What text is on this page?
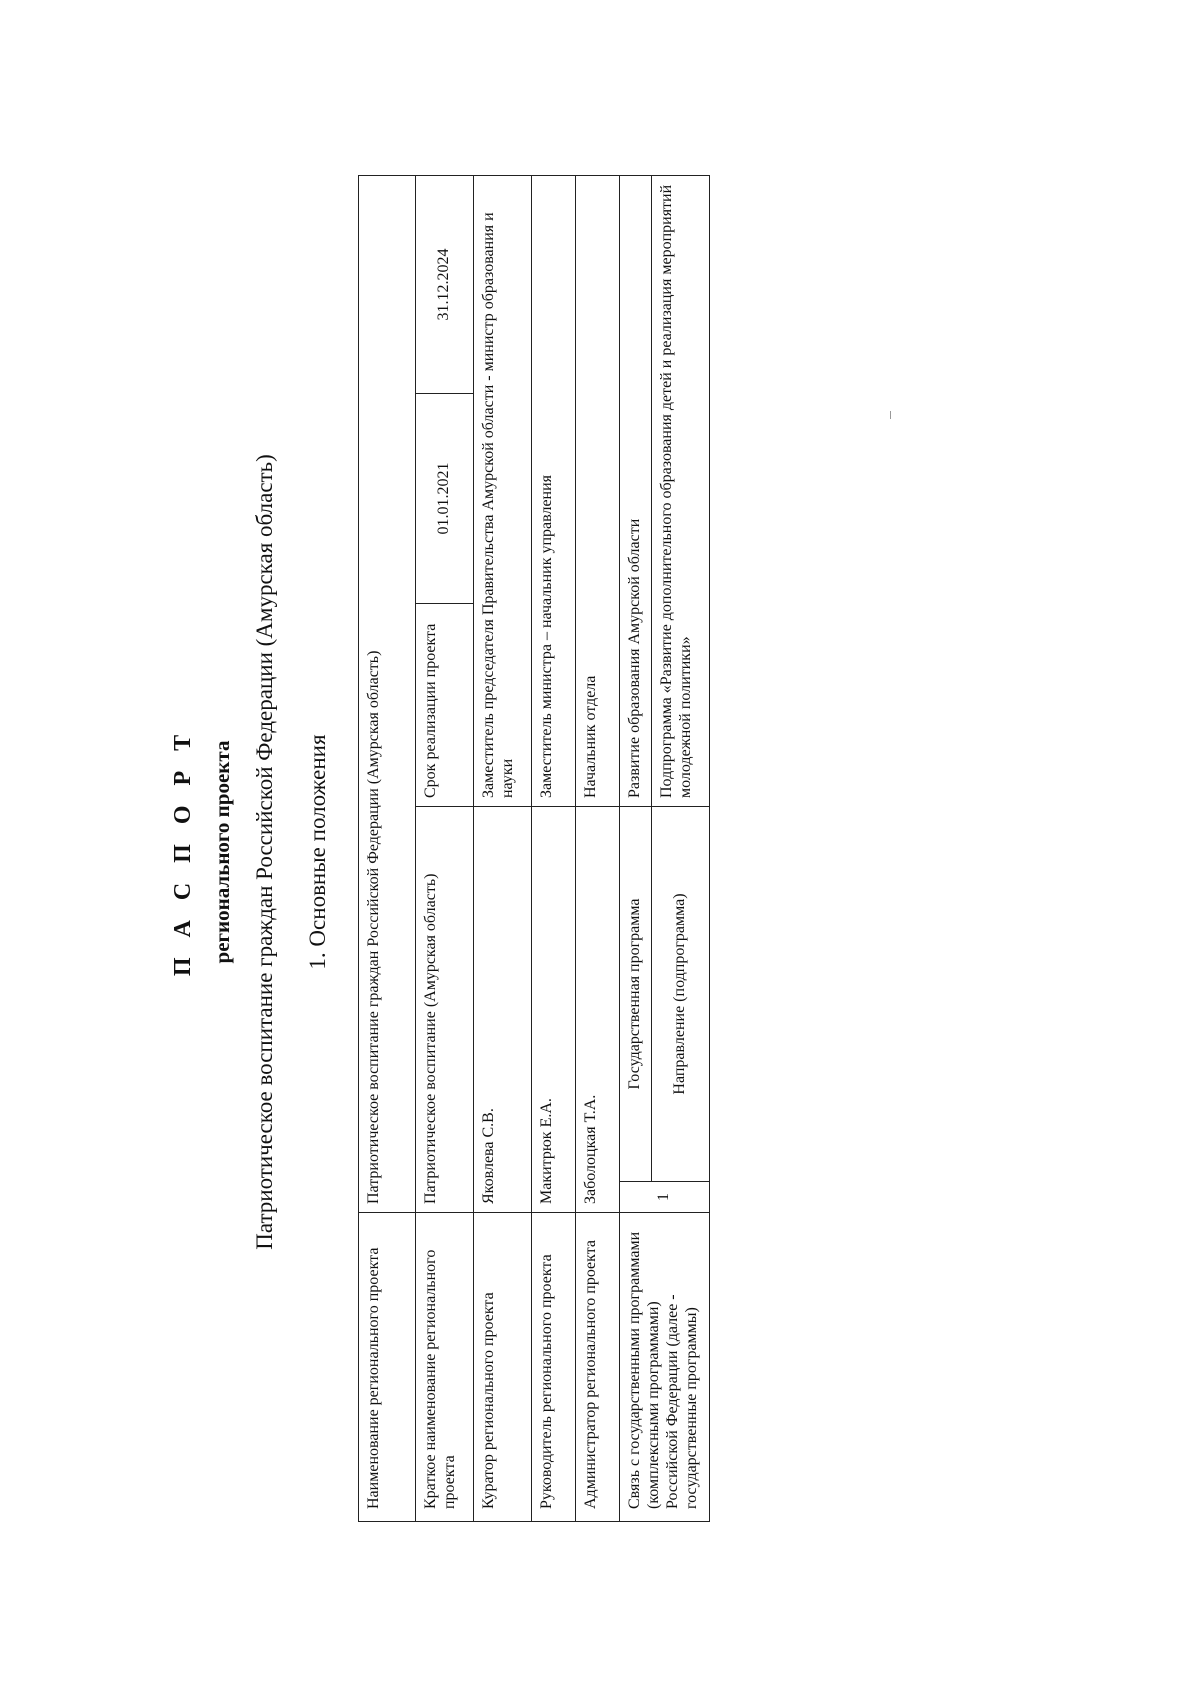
П А С П О Р Т регионального проекта Патриотическое воспитание граждан Российской Федерации (Амурская область) 1. Основные положения
Наименование регионального проекта	Патриотическое воспитание граждан Российской Федерации (Амурская область)				
Краткое наименование регионального проекта	Патриотическое воспитание (Амурская область)		Срок реализации проекта	01.01.2021	31.12.2024
Куратор регионального проекта	Яковлева С.В.		Заместитель председателя Правительства Амурской области - министр образования и науки		
Руководитель регионального проекта	Макитрюк Е.А.		Заместитель министра – начальник управления		
Администратор регионального проекта	Заболоцкая Т.А.		Начальник отдела		
Связь с государственными программами (комплексными программами) Российской Федерации (далее - государственные программы)	1	Государственная программа	Развитие образования Амурской области		
		Направление (подпрограмма)	Подпрограмма «Развитие дополнительного образования детей и реализация мероприятий молодежной политики»		
